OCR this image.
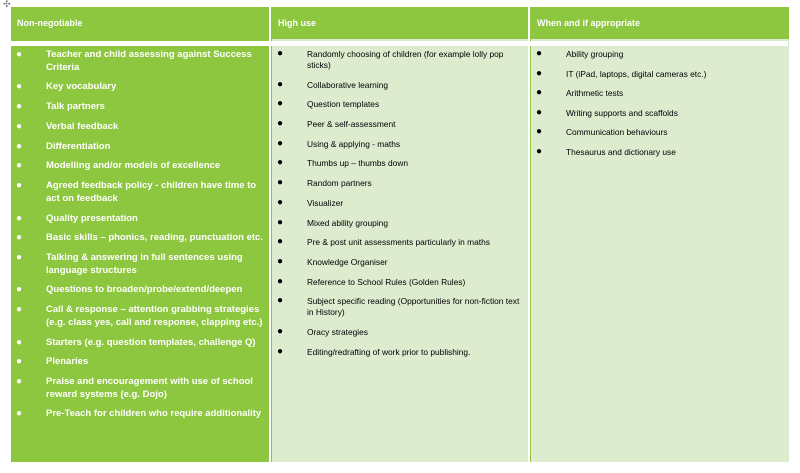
✣
Non-negotiable
●	Teacher and child assessing against Success Criteria
●	Key vocabulary
●	Talk partners
●	Verbal feedback
●	Differentiation
●	Modelling and/or models of excellence
●	Agreed feedback policy - children have time to act on feedback
●	Quality presentation
●	Basic skills – phonics, reading, punctuation etc.
●	Talking & answering in full sentences using language structures
●	Questions to broaden/probe/extend/deepen
●	Call & response – attention grabbing strategies (e.g. class yes, call and response, clapping etc.)
●	Starters (e.g. question templates, challenge Q)
●	Plenaries
●	Praise and encouragement with use of school reward systems (e.g. Dojo)
●	Pre-Teach for children who require additionality
High use
●	Randomly choosing of children (for example lolly pop sticks)
●	Collaborative learning
●	Question templates
●	Peer & self-assessment
●	Using & applying - maths
●	Thumbs up – thumbs down
●	Random partners
●	Visualizer
●	Mixed ability grouping
●	Pre & post unit assessments particularly in maths
●	Knowledge Organiser
●	Reference to School Rules (Golden Rules)
●	Subject specific reading (Opportunities for non-fiction text in History)
●	Oracy strategies
●	Editing/redrafting of work prior to publishing.
When and if appropriate
●	Ability grouping
●	IT (iPad, laptops, digital cameras etc.)
●	Arithmetic tests
●	Writing supports and scaffolds
●	Communication behaviours
●	Thesaurus and dictionary use
